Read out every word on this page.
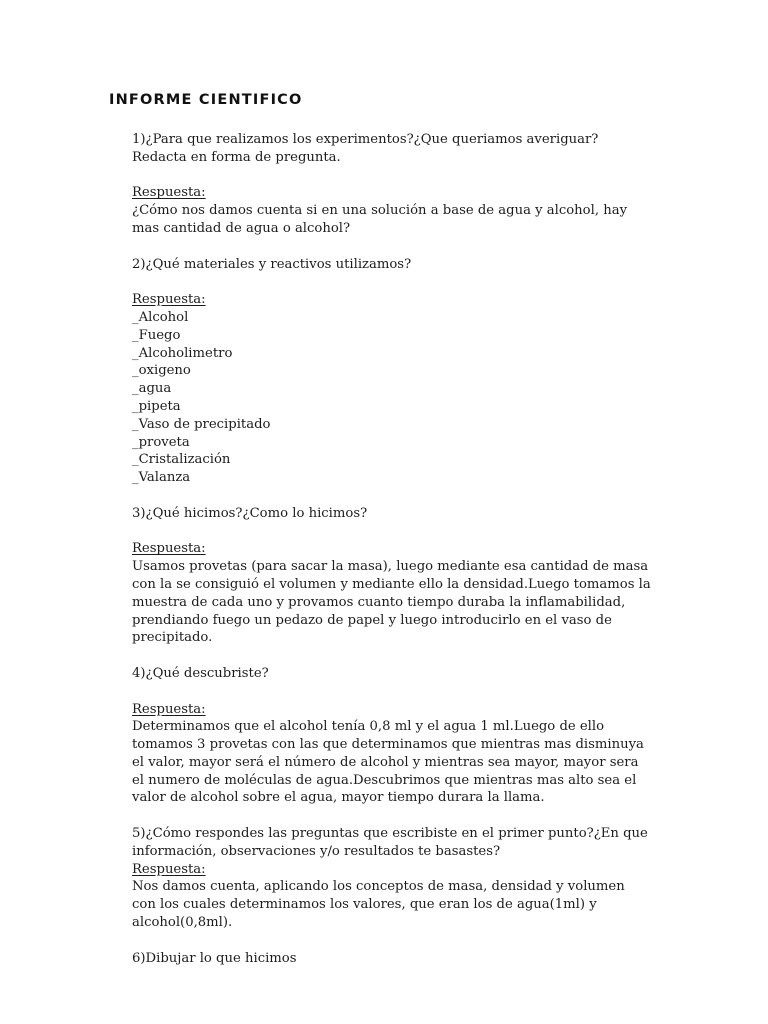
INFORME CIENTIFICO

1)¿Para que realizamos los experimentos?¿Que queriamos averiguar? Redacta en forma de pregunta.

Respuesta:

¿Cómo nos damos cuenta si en una solución a base de agua y alcohol, hay mas cantidad de agua o alcohol?

2)¿Qué materiales y reactivos utilizamos?

Respuesta:

_Alcohol
_Fuego
_Alcoholimetro
_oxigeno
_agua
_pipeta
_Vaso de precipitado
_proveta
_Cristalización
_Valanza

3)¿Qué hicimos?¿Como lo hicimos?

Respuesta:

Usamos provetas (para sacar la masa), luego mediante esa cantidad de masa con la se consiguió el volumen y mediante ello la densidad.Luego tomamos la muestra de cada uno y provamos cuanto tiempo duraba la inflamabilidad, prendiando fuego un pedazo de papel y luego introducirlo en el vaso de precipitado.

4)¿Qué descubriste?

Respuesta:

Determinamos que el alcohol tenía 0,8 ml y el agua 1 ml.Luego de ello tomamos 3 provetas con las que determinamos que mientras mas disminuya el valor, mayor será el número de alcohol y mientras sea mayor, mayor sera el numero de moléculas de agua.Descubrimos que mientras mas alto sea el valor de alcohol sobre el agua, mayor tiempo durara la llama.

5)¿Cómo respondes las preguntas que escribiste en el primer punto?¿En que información, observaciones y/o resultados te basastes?

Respuesta:

Nos damos cuenta, aplicando los conceptos de masa, densidad y volumen con los cuales determinamos los valores, que eran los de agua(1ml) y alcohol(0,8ml).

6)Dibujar lo que hicimos
